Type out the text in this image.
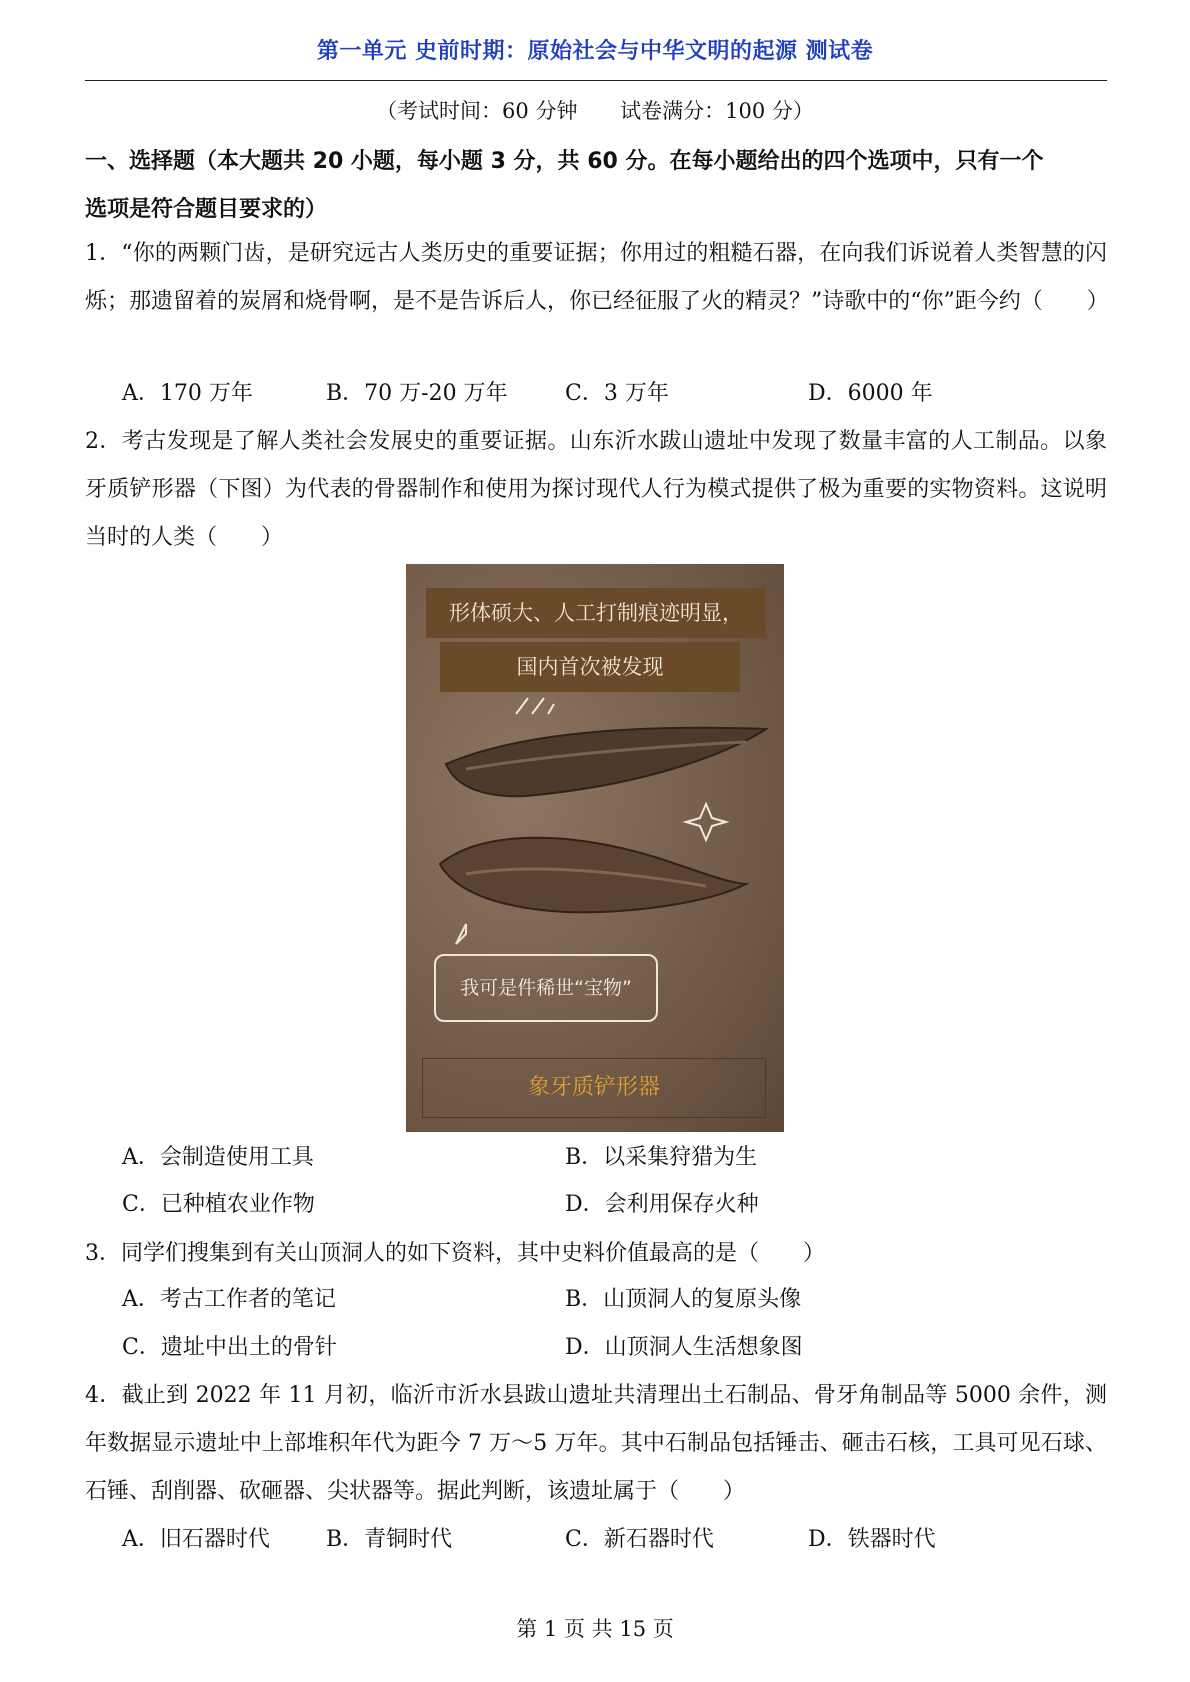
第一单元 史前时期：原始社会与中华文明的起源 测试卷
（考试时间：60 分钟 试卷满分：100 分）
一、选择题（本大题共 20 小题，每小题 3 分，共 60 分。在每小题给出的四个选项中，只有一个
选项是符合题目要求的）
1．“你的两颗门齿，是研究远古人类历史的重要证据；你用过的粗糙石器，在向我们诉说着人类智慧的闪烁；那遗留着的炭屑和烧骨啊，是不是告诉后人，你已经征服了火的精灵？”诗歌中的“你”距今约（　　）
A．170 万年	B．70 万-20 万年	C．3 万年	D．6000 年
2．考古发现是了解人类社会发展史的重要证据。山东沂水跋山遗址中发现了数量丰富的人工制品。以象牙质铲形器（下图）为代表的骨器制作和使用为探讨现代人行为模式提供了极为重要的实物资料。这说明当时的人类（　　）
形体硕大、人工打制痕迹明显，
国内首次被发现
我可是件稀世“宝物”
象牙质铲形器
A．会制造使用工具	B．以采集狩猎为生
C．已种植农业作物	D．会利用保存火种
3．同学们搜集到有关山顶洞人的如下资料，其中史料价值最高的是（　　）
A．考古工作者的笔记	B．山顶洞人的复原头像
C．遗址中出土的骨针	D．山顶洞人生活想象图
4．截止到 2022 年 11 月初，临沂市沂水县跋山遗址共清理出土石制品、骨牙角制品等 5000 余件，测年数据显示遗址中上部堆积年代为距今 7 万～5 万年。其中石制品包括锤击、砸击石核，工具可见石球、石锤、刮削器、砍砸器、尖状器等。据此判断，该遗址属于（　　）
A．旧石器时代	B．青铜时代	C．新石器时代	D．铁器时代
第 1 页 共 15 页
